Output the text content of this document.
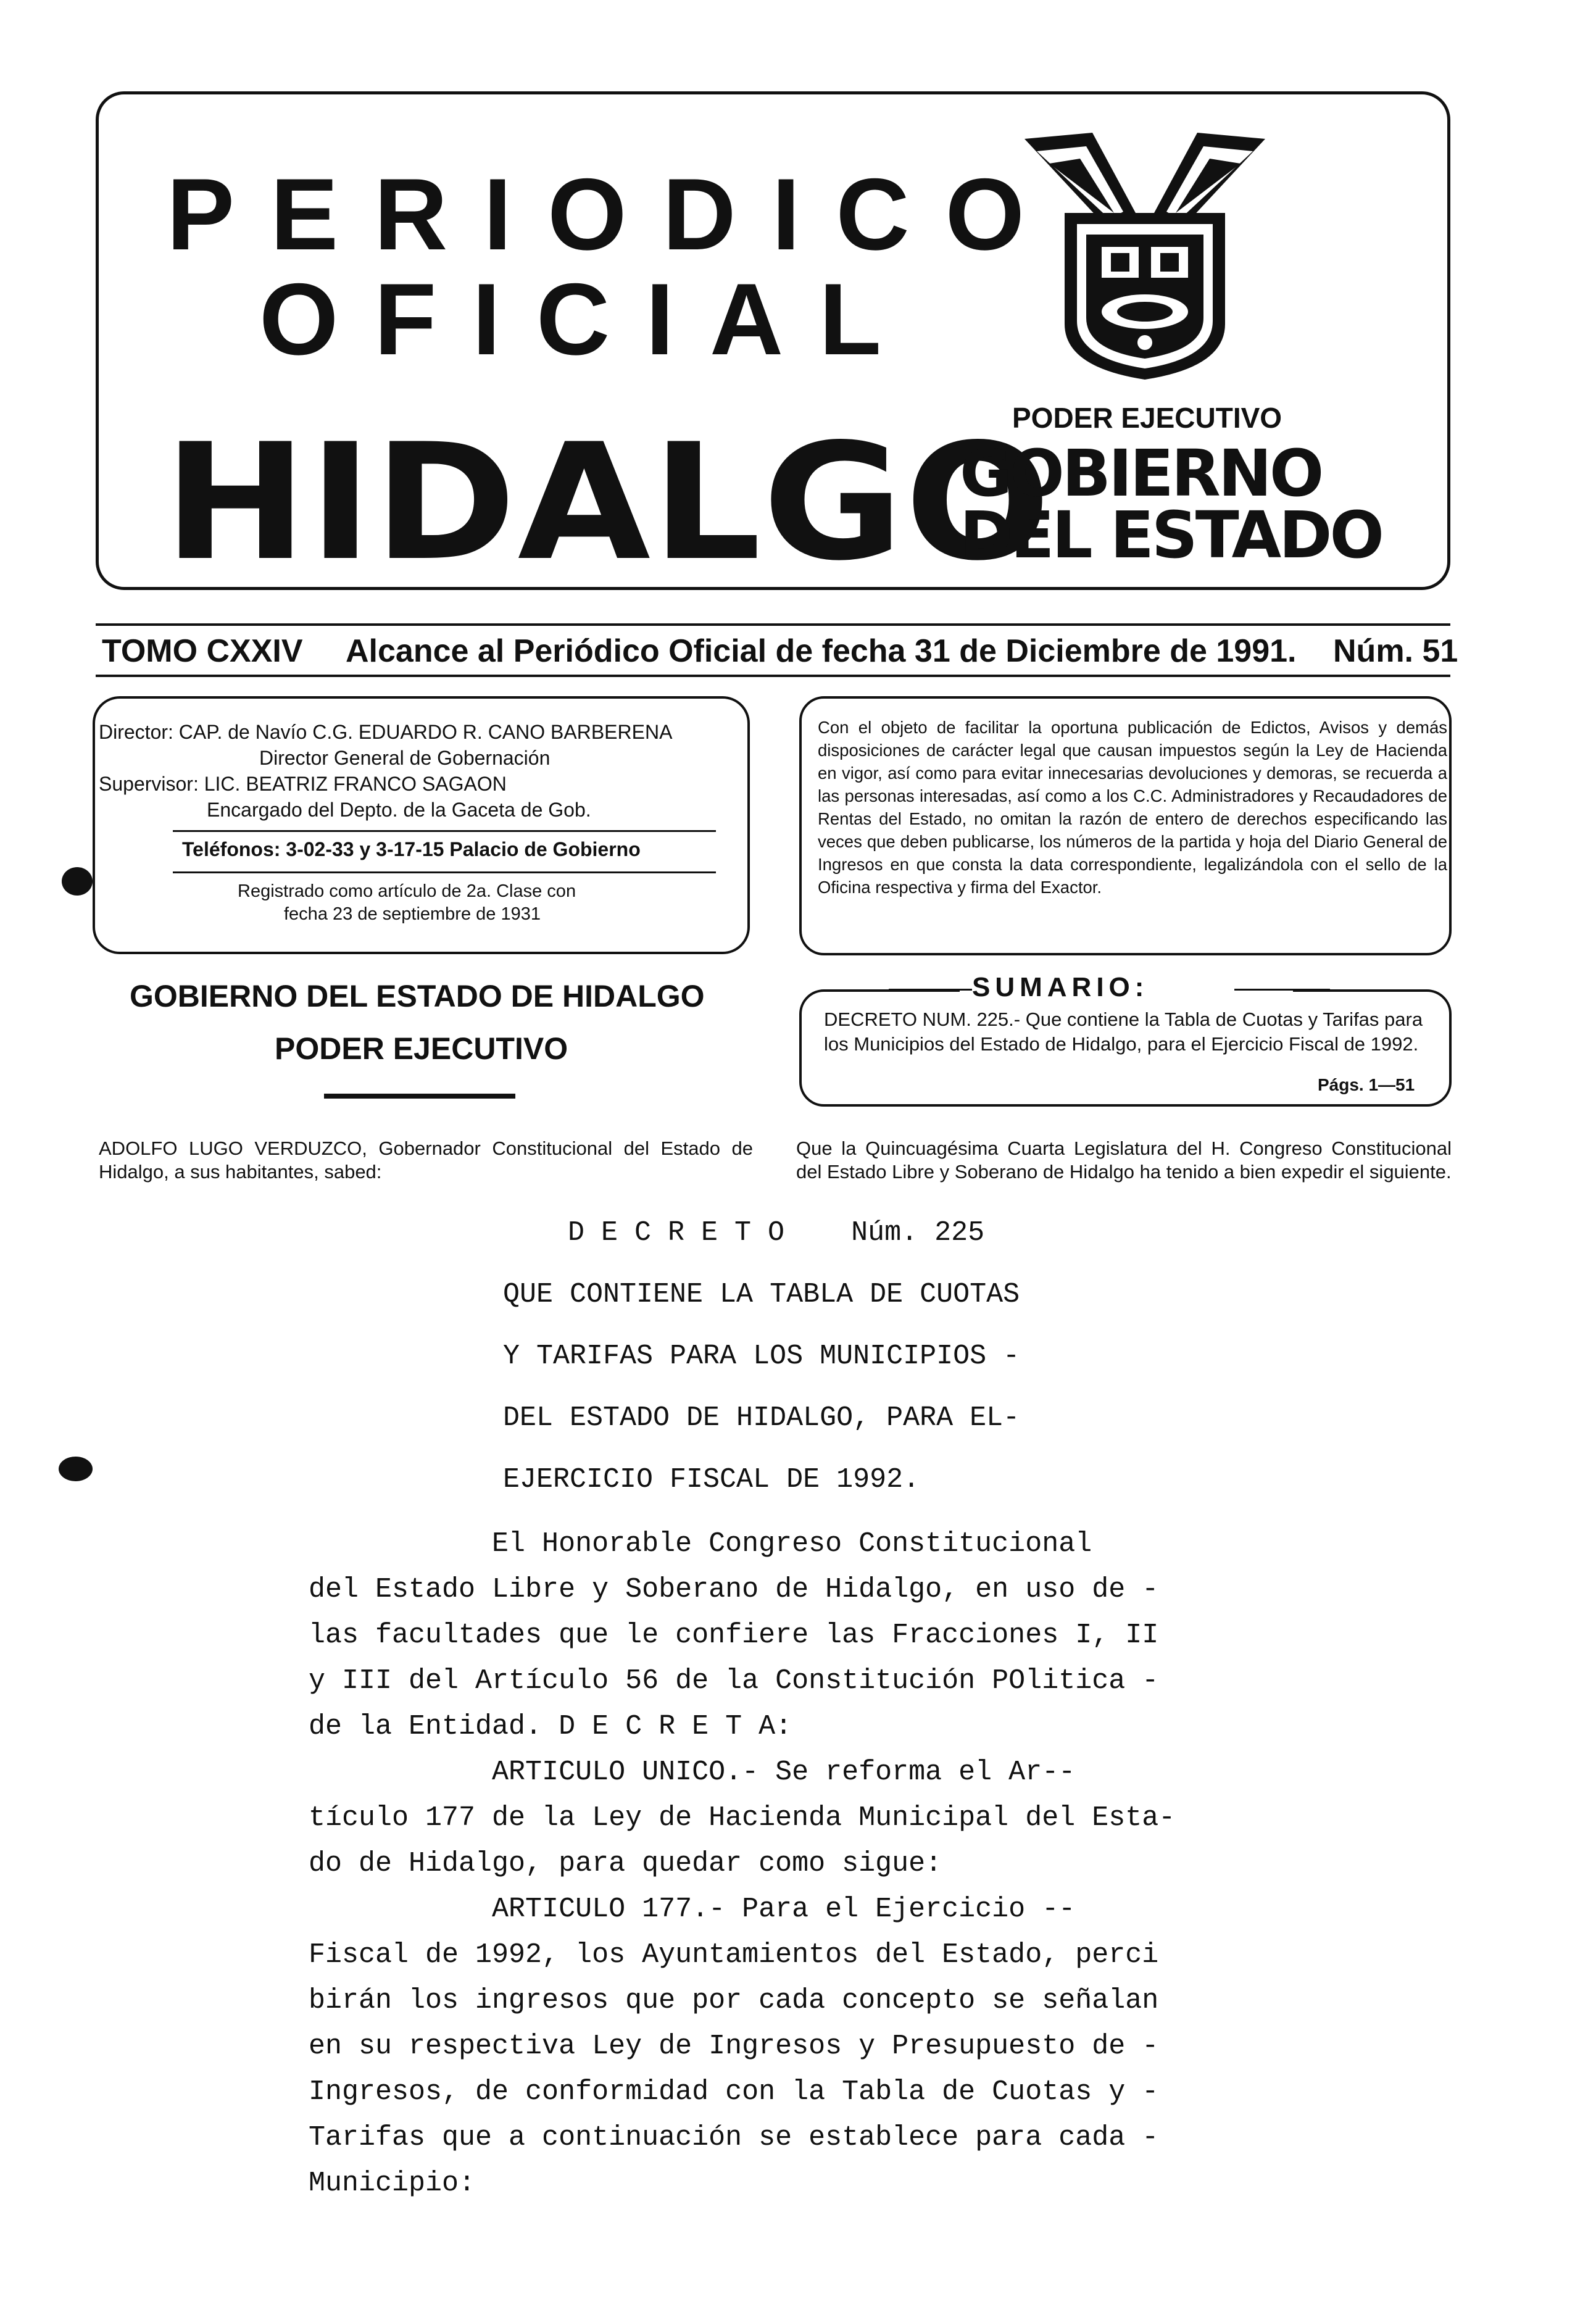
PERIODICO
OFICIAL
HIDALGO
PODER EJECUTIVO
GOBIERNO
DEL ESTADO
TOMO CXXIV Alcance al Periódico Oficial de fecha 31 de Diciembre de 1991. Núm. 51
Director: CAP. de Navío C.G. EDUARDO R. CANO BARBERENA
Director General de Gobernación
Supervisor: LIC. BEATRIZ FRANCO SAGAON
Encargado del Depto. de la Gaceta de Gob.
Teléfonos: 3-02-33 y 3-17-15 Palacio de Gobierno
Registrado como artículo de 2a. Clase con
fecha 23 de septiembre de 1931
Con el objeto de facilitar la oportuna publicación de Edictos, Avisos y demás disposiciones de carácter legal que causan impuestos según la Ley de Hacienda en vigor, así como para evitar innecesarias devoluciones y demoras, se recuerda a las personas interesadas, así como a los C.C. Administradores y Recaudadores de Rentas del Estado, no omitan la razón de entero de derechos especificando las veces que deben publicarse, los números de la partida y hoja del Diario General de Ingresos en que consta la data correspondiente, legalizándola con el sello de la Oficina respectiva y firma del Exactor.
GOBIERNO DEL ESTADO DE HIDALGO
PODER EJECUTIVO
SUMARIO:
DECRETO NUM. 225.- Que contiene la Tabla de Cuotas y Tarifas para los Municipios del Estado de Hidalgo, para el Ejercicio Fiscal de 1992.
Págs. 1—51
ADOLFO LUGO VERDUZCO, Gobernador Constitucional del Estado de Hidalgo, a sus habitantes, sabed:
Que la Quincuagésima Cuarta Legislatura del H. Congreso Constitucional del Estado Libre y Soberano de Hidalgo ha tenido a bien expedir el siguiente.
D E C R E T O    Núm. 225
QUE CONTIENE LA TABLA DE CUOTAS
Y TARIFAS PARA LOS MUNICIPIOS -
DEL ESTADO DE HIDALGO, PARA EL-
EJERCICIO FISCAL DE 1992.
El Honorable Congreso Constitucional
del Estado Libre y Soberano de Hidalgo, en uso de -
las facultades que le confiere las Fracciones I, II
y III del Artículo 56 de la Constitución POlitica -
de la Entidad. D E C R E T A:
ARTICULO UNICO.- Se reforma el Ar--
tículo 177 de la Ley de Hacienda Municipal del Esta-
do de Hidalgo, para quedar como sigue:
ARTICULO 177.- Para el Ejercicio --
Fiscal de 1992, los Ayuntamientos del Estado, perci
birán los ingresos que por cada concepto se señalan
en su respectiva Ley de Ingresos y Presupuesto de -
Ingresos, de conformidad con la Tabla de Cuotas y -
Tarifas que a continuación se establece para cada -
Municipio:
